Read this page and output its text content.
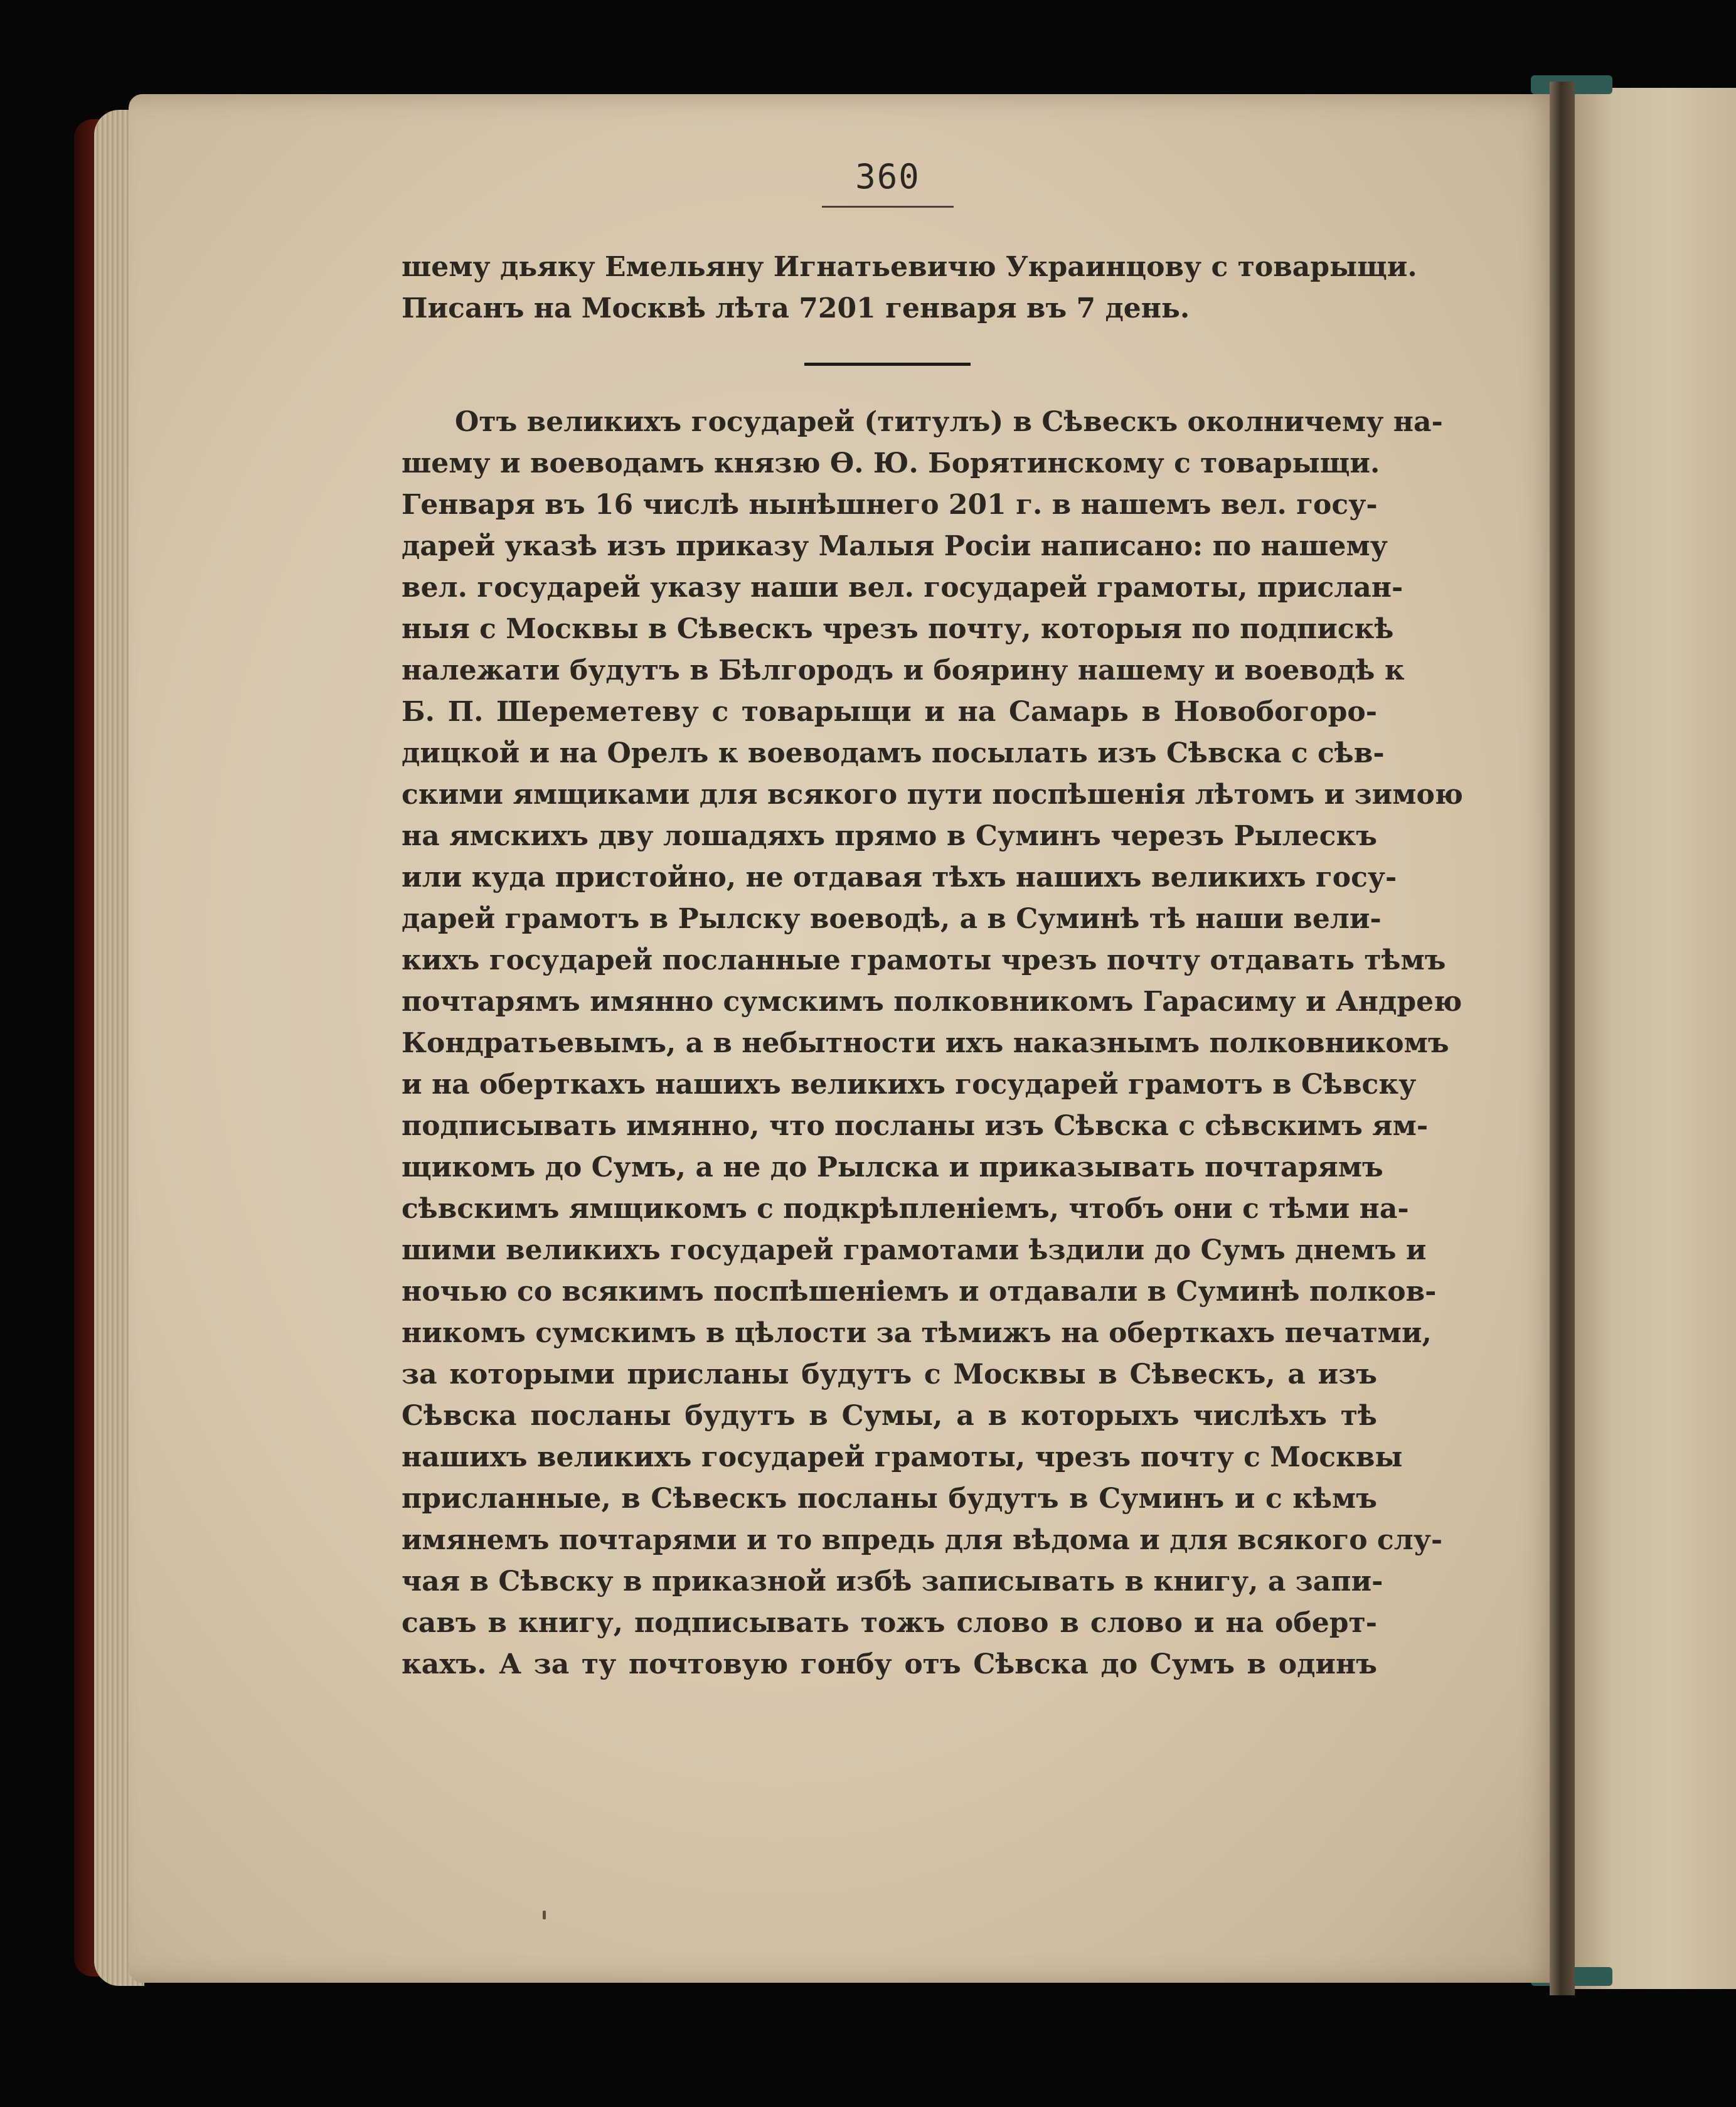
360
шему дьяку Емельяну Игнатьевичю Украинцову с товарыщи.
Писанъ на Москвѣ лѣта 7201 генваря въ 7 день.
Отъ великихъ государей (титулъ) в Сѣвескъ околничему на-
шему и воеводамъ князю Ѳ. Ю. Борятинскому с товарыщи.
Генваря въ 16 числѣ нынѣшнего 201 г. в нашемъ вел. госу-
дарей указѣ изъ приказу Малыя Росіи написано: по нашему
вел. государей указу наши вел. государей грамоты, прислан-
ныя с Москвы в Сѣвескъ чрезъ почту, которыя по подпискѣ
належати будутъ в Бѣлгородъ и боярину нашему и воеводѣ к
Б. П. Шереметеву с товарыщи и на Самарь в Новобогоро-
дицкой и на Орелъ к воеводамъ посылать изъ Сѣвска с сѣв-
скими ямщиками для всякого пути поспѣшенія лѣтомъ и зимою
на ямскихъ дву лошадяхъ прямо в Суминъ черезъ Рылескъ
или куда пристойно, не отдавая тѣхъ нашихъ великихъ госу-
дарей грамотъ в Рылску воеводѣ, а в Суминѣ тѣ наши вели-
кихъ государей посланные грамоты чрезъ почту отдавать тѣмъ
почтарямъ имянно сумскимъ полковникомъ Гарасиму и Андрею
Кондратьевымъ, а в небытности ихъ наказнымъ полковникомъ
и на оберткахъ нашихъ великихъ государей грамотъ в Сѣвску
подписывать имянно, что посланы изъ Сѣвска с сѣвскимъ ям-
щикомъ до Сумъ, а не до Рылска и приказывать почтарямъ
сѣвскимъ ямщикомъ с подкрѣпленіемъ, чтобъ они с тѣми на-
шими великихъ государей грамотами ѣздили до Сумъ днемъ и
ночью со всякимъ поспѣшеніемъ и отдавали в Суминѣ полков-
никомъ сумскимъ в цѣлости за тѣмижъ на оберткахъ печатми,
за которыми присланы будутъ с Москвы в Сѣвескъ, а изъ
Сѣвска посланы будутъ в Сумы, а в которыхъ числѣхъ тѣ
нашихъ великихъ государей грамоты, чрезъ почту с Москвы
присланные, в Сѣвескъ посланы будутъ в Суминъ и с кѣмъ
имянемъ почтарями и то впредь для вѣдома и для всякого слу-
чая в Сѣвску в приказной избѣ записывать в книгу, а запи-
савъ в книгу, подписывать тожъ слово в слово и на оберт-
кахъ. А за ту почтовую гонбу отъ Сѣвска до Сумъ в одинъ
